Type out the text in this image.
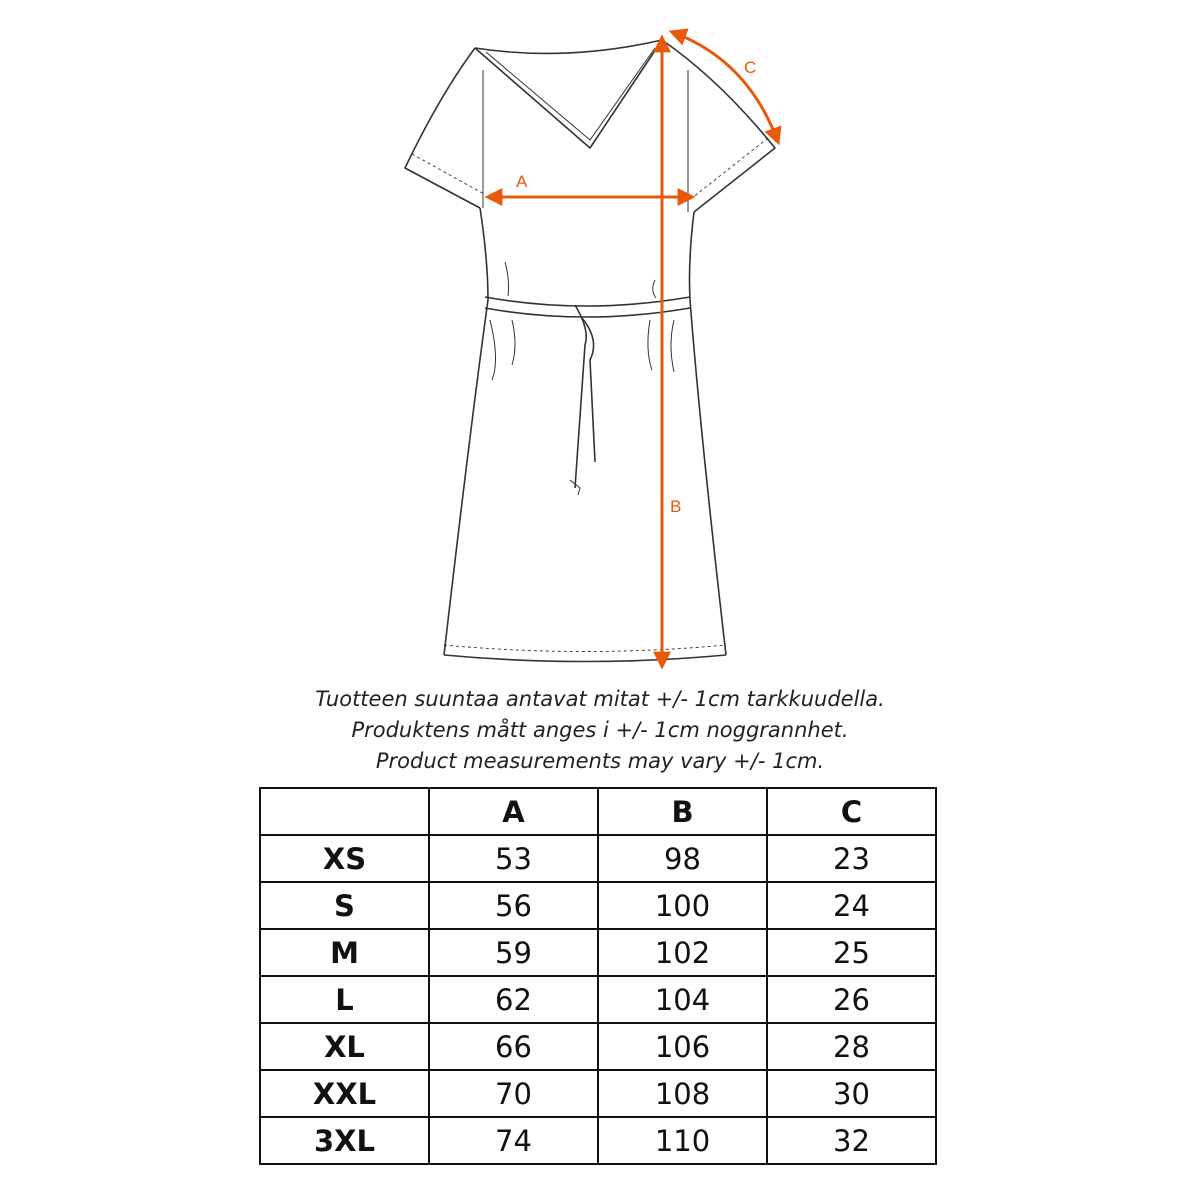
A
B
C
Tuotteen suuntaa antavat mitat +/- 1cm tarkkuudella.
Produktens mått anges i +/- 1cm noggrannhet.
Product measurements may vary +/- 1cm.
	A	B	C
XS	53	98	23
S	56	100	24
M	59	102	25
L	62	104	26
XL	66	106	28
XXL	70	108	30
3XL	74	110	32
